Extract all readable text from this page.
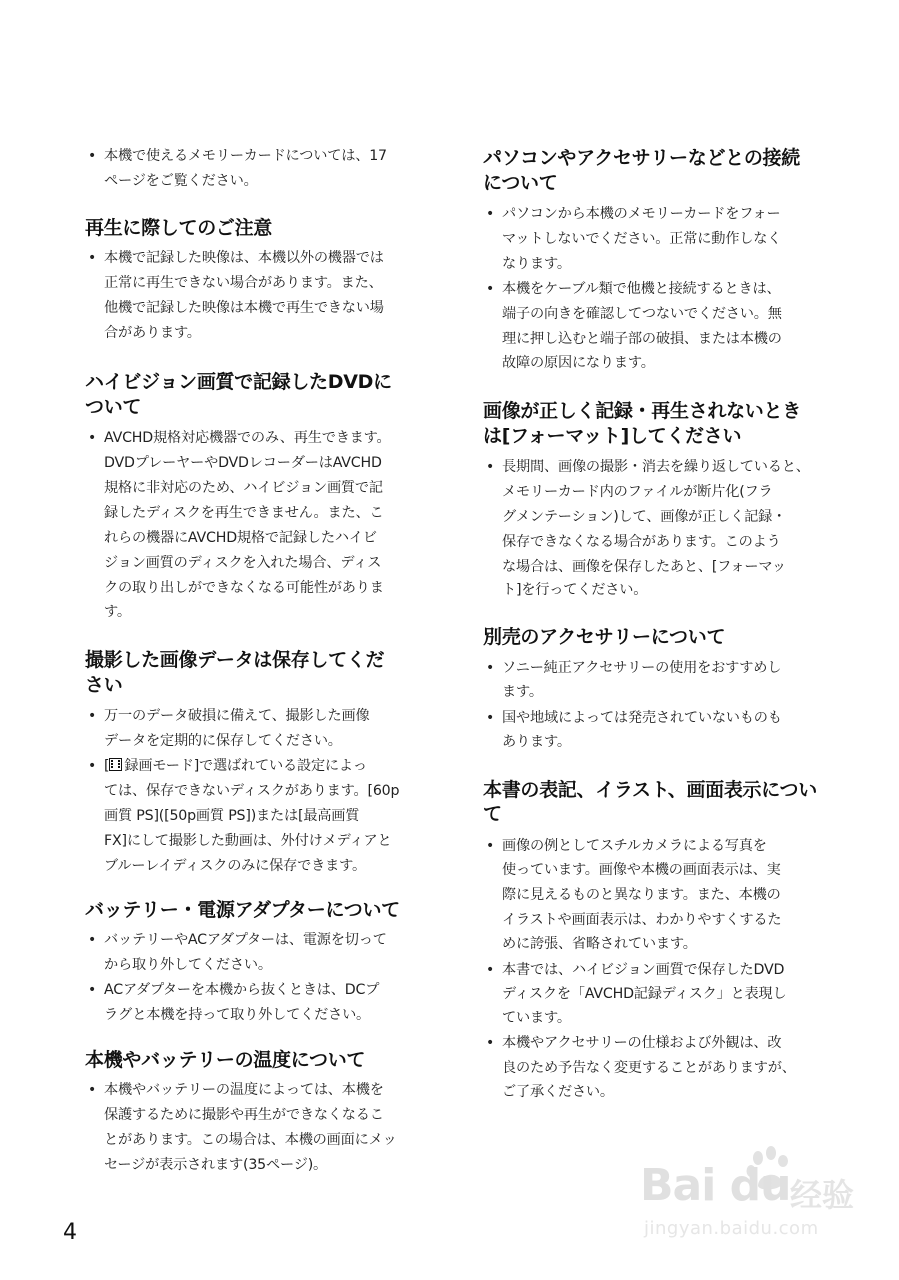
• 本機で使えるメモリーカードについては、17
ページをご覧ください。
再生に際してのご注意
• 本機で記録した映像は、本機以外の機器では
正常に再生できない場合があります。また、
他機で記録した映像は本機で再生できない場
合があります。
ハイビジョン画質で記録したDVDに
ついて
• AVCHD規格対応機器でのみ、再生できます。
DVDプレーヤーやDVDレコーダーはAVCHD
規格に非対応のため、ハイビジョン画質で記
録したディスクを再生できません。また、こ
れらの機器にAVCHD規格で記録したハイビ
ジョン画質のディスクを入れた場合、ディス
クの取り出しができなくなる可能性がありま
す。
撮影した画像データは保存してくだ
さい
• 万一のデータ破損に備えて、撮影した画像
データを定期的に保存してください。
• [ 録画モード]で選ばれている設定によっ
ては、保存できないディスクがあります。[60p
画質 PS]([50p画質 PS])または[最高画質
FX]にして撮影した動画は、外付けメディアと
ブルーレイディスクのみに保存できます。
バッテリー・電源アダプターについて
• バッテリーやACアダプターは、電源を切って
から取り外してください。
• ACアダプターを本機から抜くときは、DCプ
ラグと本機を持って取り外してください。
本機やバッテリーの温度について
• 本機やバッテリーの温度によっては、本機を
保護するために撮影や再生ができなくなるこ
とがあります。この場合は、本機の画面にメッ
セージが表示されます(35ページ)。
パソコンやアクセサリーなどとの接続
について
• パソコンから本機のメモリーカードをフォー
マットしないでください。正常に動作しなく
なります。
• 本機をケーブル類で他機と接続するときは、
端子の向きを確認してつないでください。無
理に押し込むと端子部の破損、または本機の
故障の原因になります。
画像が正しく記録・再生されないとき
は[フォーマット]してください
• 長期間、画像の撮影・消去を繰り返していると、
メモリーカード内のファイルが断片化(フラ
グメンテーション)して、画像が正しく記録・
保存できなくなる場合があります。このよう
な場合は、画像を保存したあと、[フォーマッ
ト]を行ってください。
別売のアクセサリーについて
• ソニー純正アクセサリーの使用をおすすめし
ます。
• 国や地域によっては発売されていないものも
あります。
本書の表記、イラスト、画面表示につい
て
• 画像の例としてスチルカメラによる写真を
使っています。画像や本機の画面表示は、実
際に見えるものと異なります。また、本機の
イラストや画面表示は、わかりやすくするた
めに誇張、省略されています。
• 本書では、ハイビジョン画質で保存したDVD
ディスクを「AVCHD記録ディスク」と表現し
ています。
• 本機やアクセサリーの仕様および外観は、改
良のため予告なく変更することがありますが、
ご了承ください。
4
Bai du 经验
jingyan.baidu.com
